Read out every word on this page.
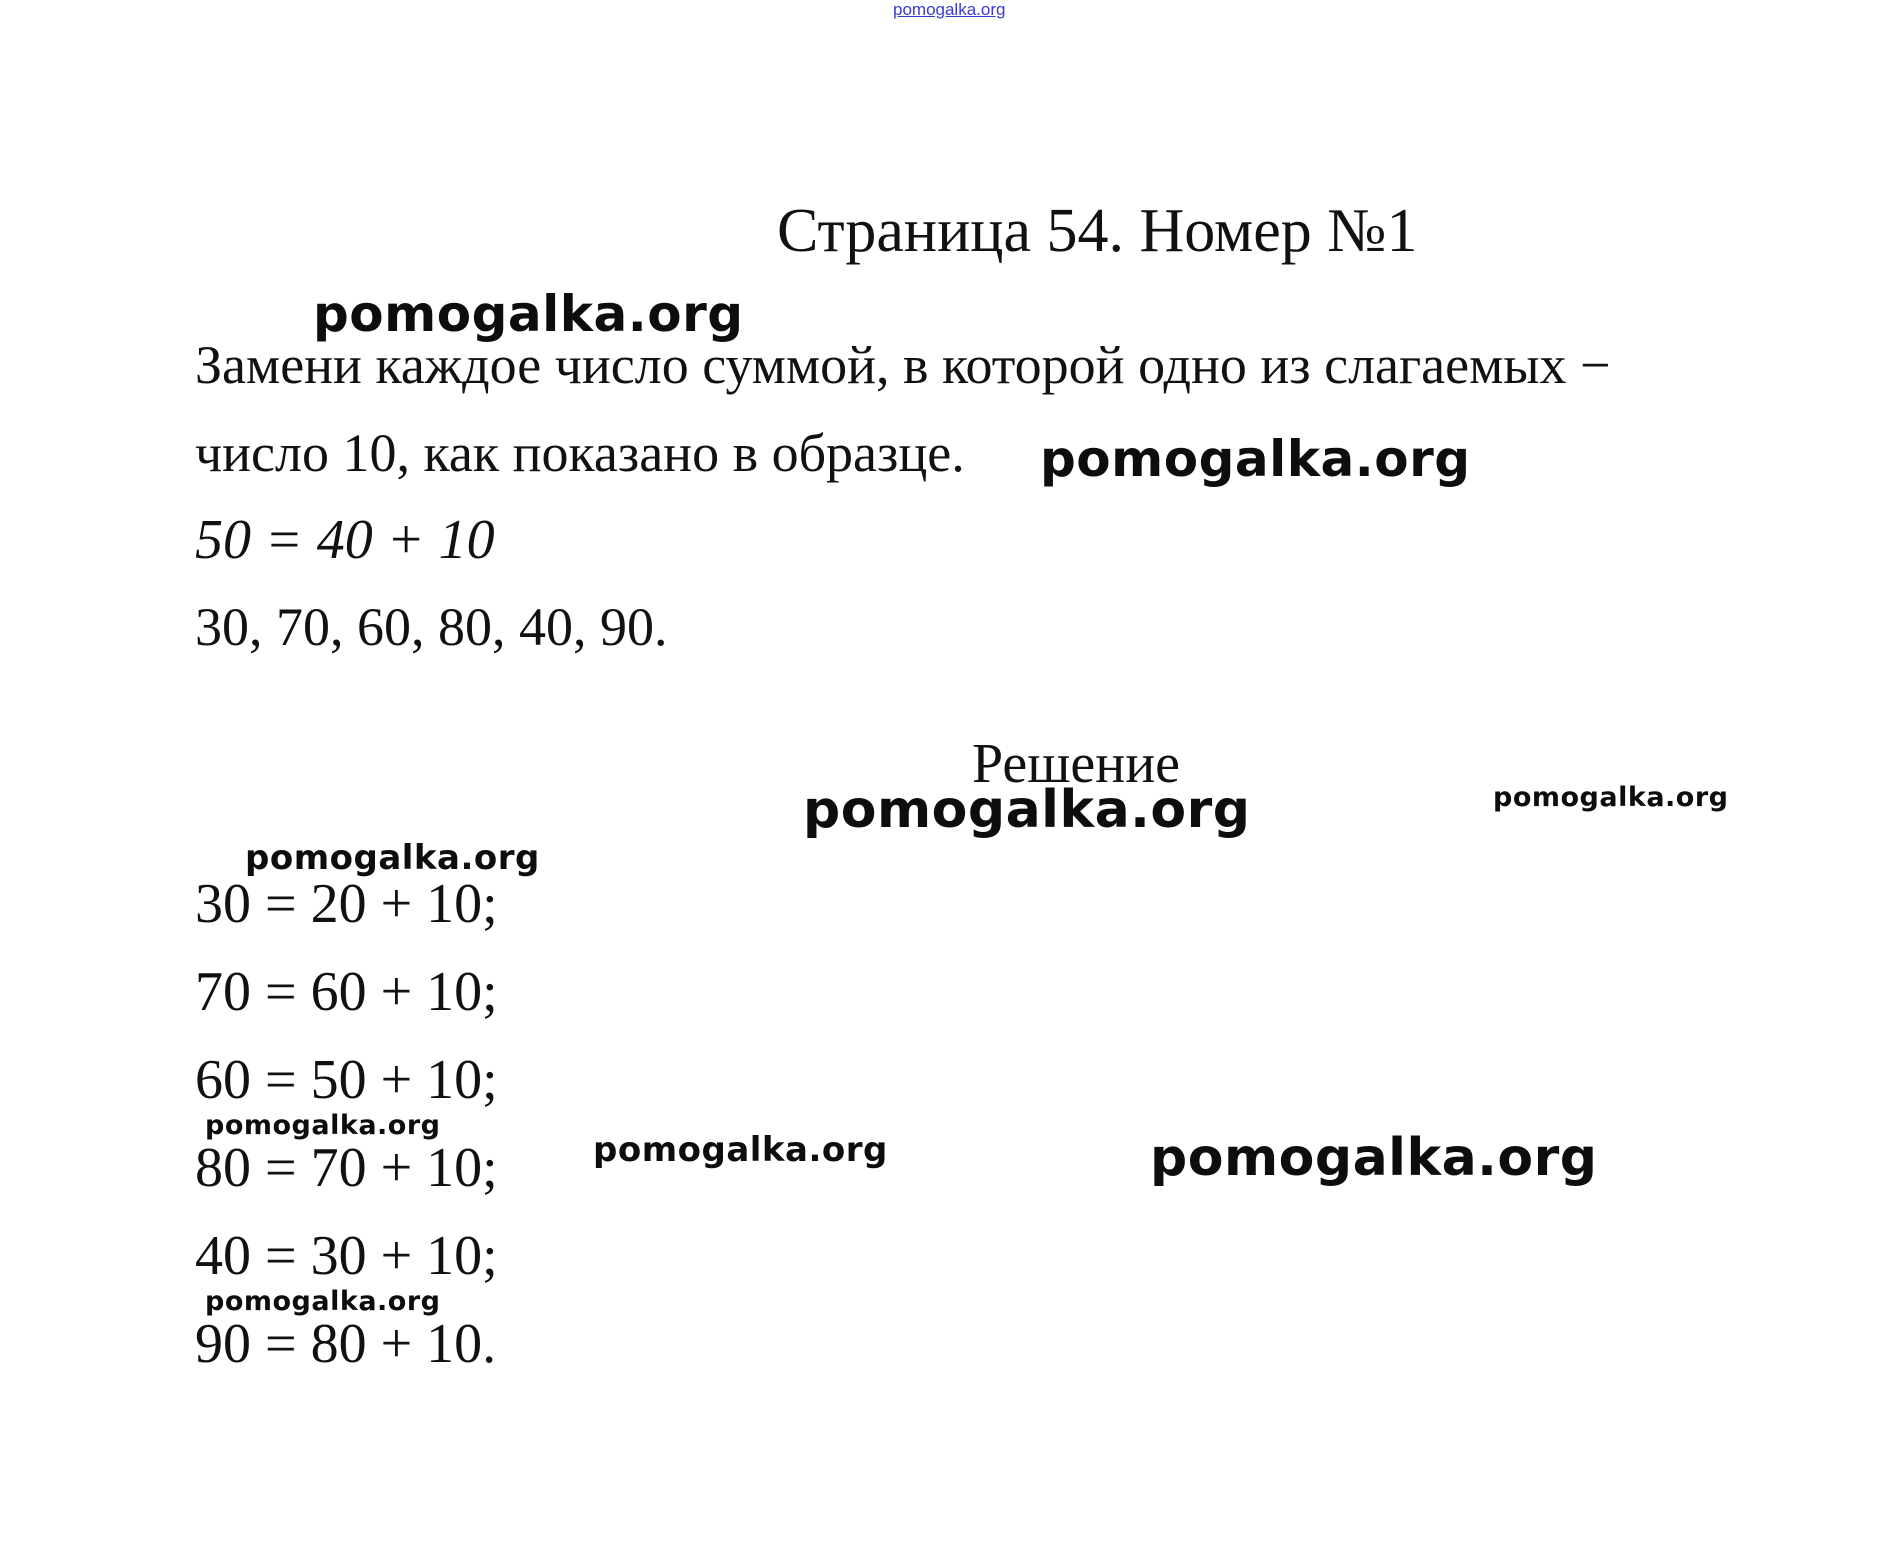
pomogalka.org
Страница 54. Номер №1
Замени каждое число суммой, в которой одно из слагаемых −
число 10, как показано в образце.
50 = 40 + 10
30, 70, 60, 80, 40, 90.
Решение
30 = 20 + 10;
70 = 60 + 10;
60 = 50 + 10;
80 = 70 + 10;
40 = 30 + 10;
90 = 80 + 10.
pomogalka.org
pomogalka.org
pomogalka.org	pomogalka.org
pomogalka.org
pomogalka.org
pomogalka.org	pomogalka.org
pomogalka.org
